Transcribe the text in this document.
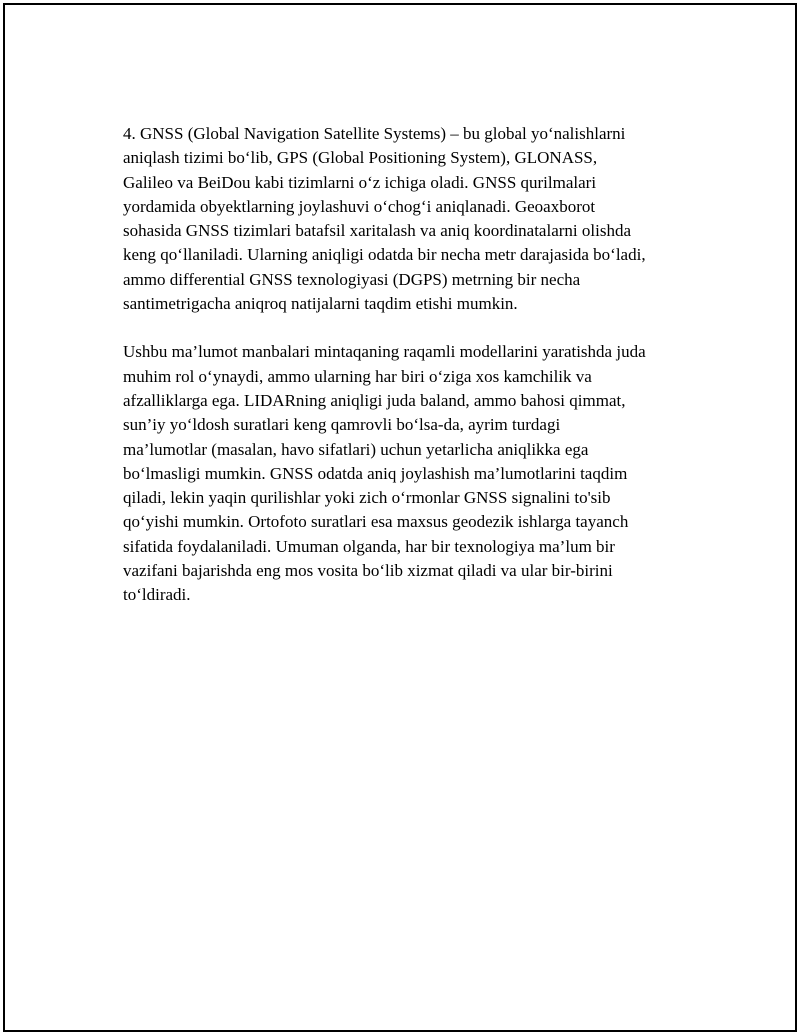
4. GNSS (Global Navigation Satellite Systems) – bu global yo‘nalishlarni
aniqlash tizimi bo‘lib, GPS (Global Positioning System), GLONASS,
Galileo va BeiDou kabi tizimlarni o‘z ichiga oladi. GNSS qurilmalari
yordamida obyektlarning joylashuvi o‘chog‘i aniqlanadi. Geoaxborot
sohasida GNSS tizimlari batafsil xaritalash va aniq koordinatalarni olishda
keng qo‘llaniladi. Ularning aniqligi odatda bir necha metr darajasida bo‘ladi,
ammo differential GNSS texnologiyasi (DGPS) metrning bir necha
santimetrigacha aniqroq natijalarni taqdim etishi mumkin.

Ushbu ma’lumot manbalari mintaqaning raqamli modellarini yaratishda juda
muhim rol o‘ynaydi, ammo ularning har biri o‘ziga xos kamchilik va
afzalliklarga ega. LIDARning aniqligi juda baland, ammo bahosi qimmat,
sun’iy yo‘ldosh suratlari keng qamrovli bo‘lsa-da, ayrim turdagi
ma’lumotlar (masalan, havo sifatlari) uchun yetarlicha aniqlikka ega
bo‘lmasligi mumkin. GNSS odatda aniq joylashish ma’lumotlarini taqdim
qiladi, lekin yaqin qurilishlar yoki zich o‘rmonlar GNSS signalini to'sib
qo‘yishi mumkin. Ortofoto suratlari esa maxsus geodezik ishlarga tayanch
sifatida foydalaniladi. Umuman olganda, har bir texnologiya ma’lum bir
vazifani bajarishda eng mos vosita bo‘lib xizmat qiladi va ular bir-birini
to‘ldiradi.
